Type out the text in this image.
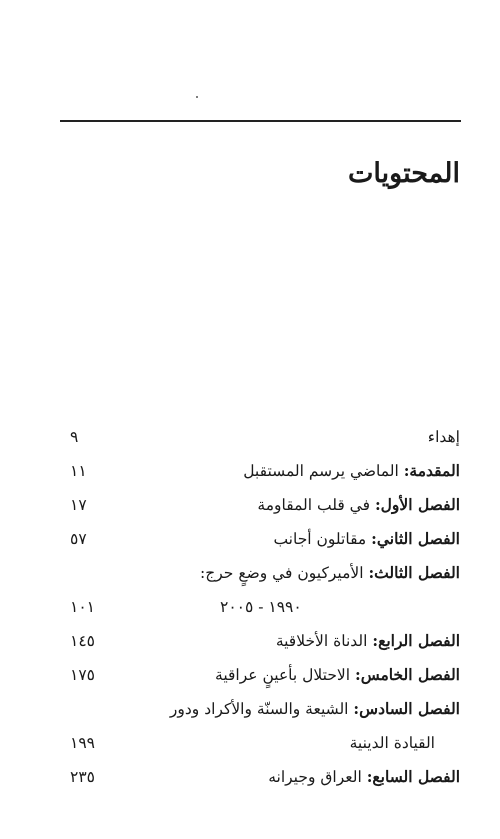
المحتويات
إهداء
٩
المقدمة: الماضي يرسم المستقبل
١١
الفصل الأول: في قلب المقاومة
١٧
الفصل الثاني: مقاتلون أجانب
٥٧
الفصل الثالث: الأميركيون في وضعٍ حرج:
١٩٩٠ - ٢٠٠٥
١٠١
الفصل الرابع: الدناة الأخلاقية
١٤٥
الفصل الخامس: الاحتلال بأعينٍ عراقية
١٧٥
الفصل السادس: الشيعة والسنّة والأكراد ودور
القيادة الدينية
١٩٩
الفصل السابع: العراق وجيرانه
٢٣٥
